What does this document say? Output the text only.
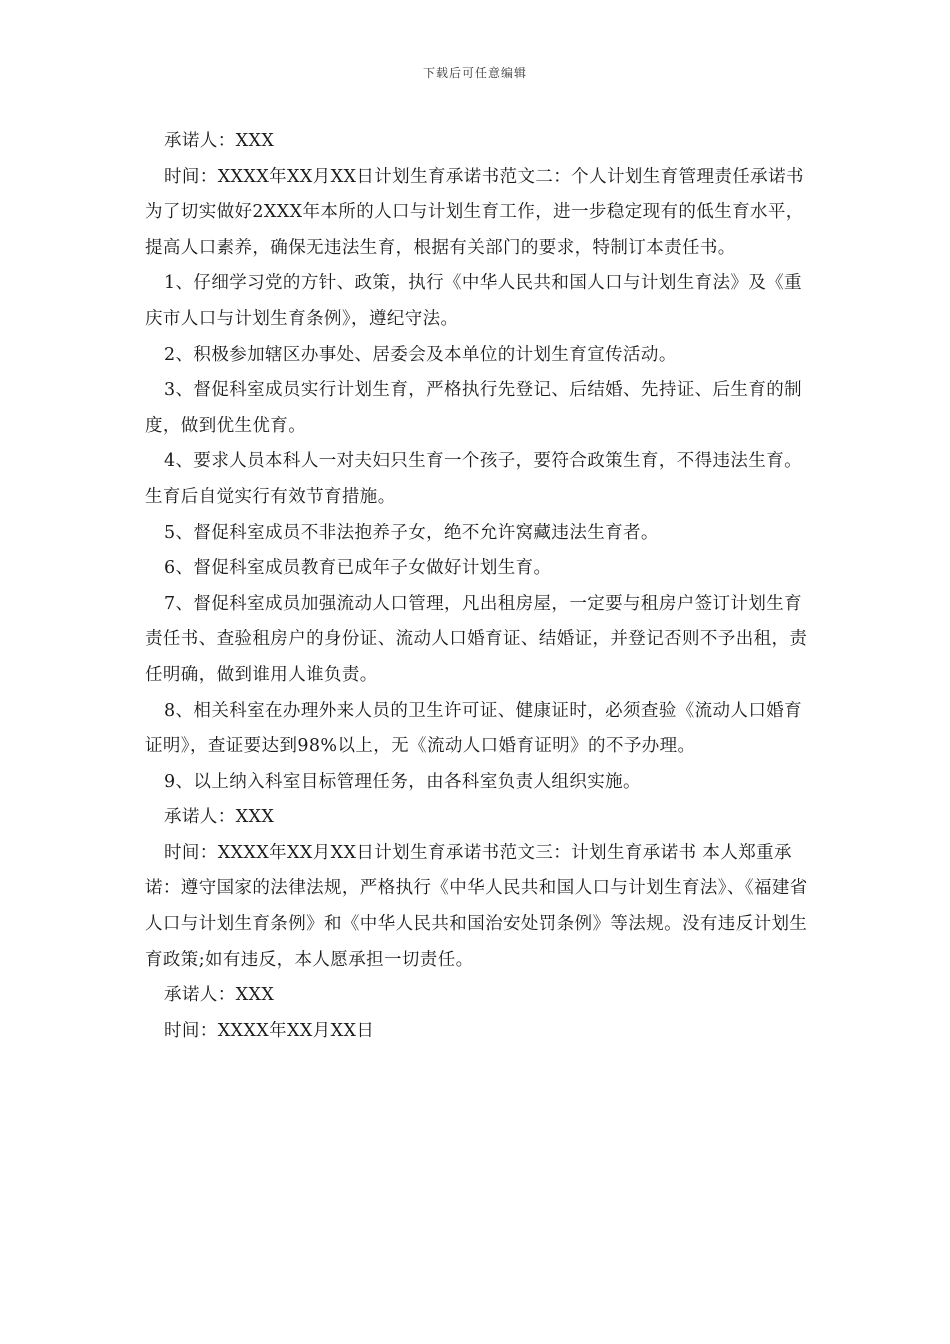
下载后可任意编辑

承诺人：XXX

时间：XXXX年XX月XX日计划生育承诺书范文二：个人计划生育管理责任承诺书 为了切实做好2XXX年本所的人口与计划生育工作，进一步稳定现有的低生育水平，提高人口素养，确保无违法生育，根据有关部门的要求，特制订本责任书。

1、仔细学习党的方针、政策，执行《中华人民共和国人口与计划生育法》及《重庆市人口与计划生育条例》，遵纪守法。

2、积极参加辖区办事处、居委会及本单位的计划生育宣传活动。

3、督促科室成员实行计划生育，严格执行先登记、后结婚、先持证、后生育的制度，做到优生优育。

4、要求人员本科人一对夫妇只生育一个孩子，要符合政策生育，不得违法生育。生育后自觉实行有效节育措施。

5、督促科室成员不非法抱养子女，绝不允许窝藏违法生育者。

6、督促科室成员教育已成年子女做好计划生育。

7、督促科室成员加强流动人口管理，凡出租房屋，一定要与租房户签订计划生育责任书、查验租房户的身份证、流动人口婚育证、结婚证，并登记否则不予出租，责任明确，做到谁用人谁负责。

8、相关科室在办理外来人员的卫生许可证、健康证时，必须查验《流动人口婚育证明》，查证要达到98%以上，无《流动人口婚育证明》的不予办理。

9、以上纳入科室目标管理任务，由各科室负责人组织实施。

承诺人：XXX

时间：XXXX年XX月XX日计划生育承诺书范文三：计划生育承诺书 本人郑重承诺：遵守国家的法律法规，严格执行《中华人民共和国人口与计划生育法》、《福建省人口与计划生育条例》和《中华人民共和国治安处罚条例》等法规。没有违反计划生育政策;如有违反，本人愿承担一切责任。

承诺人：XXX

时间：XXXX年XX月XX日
